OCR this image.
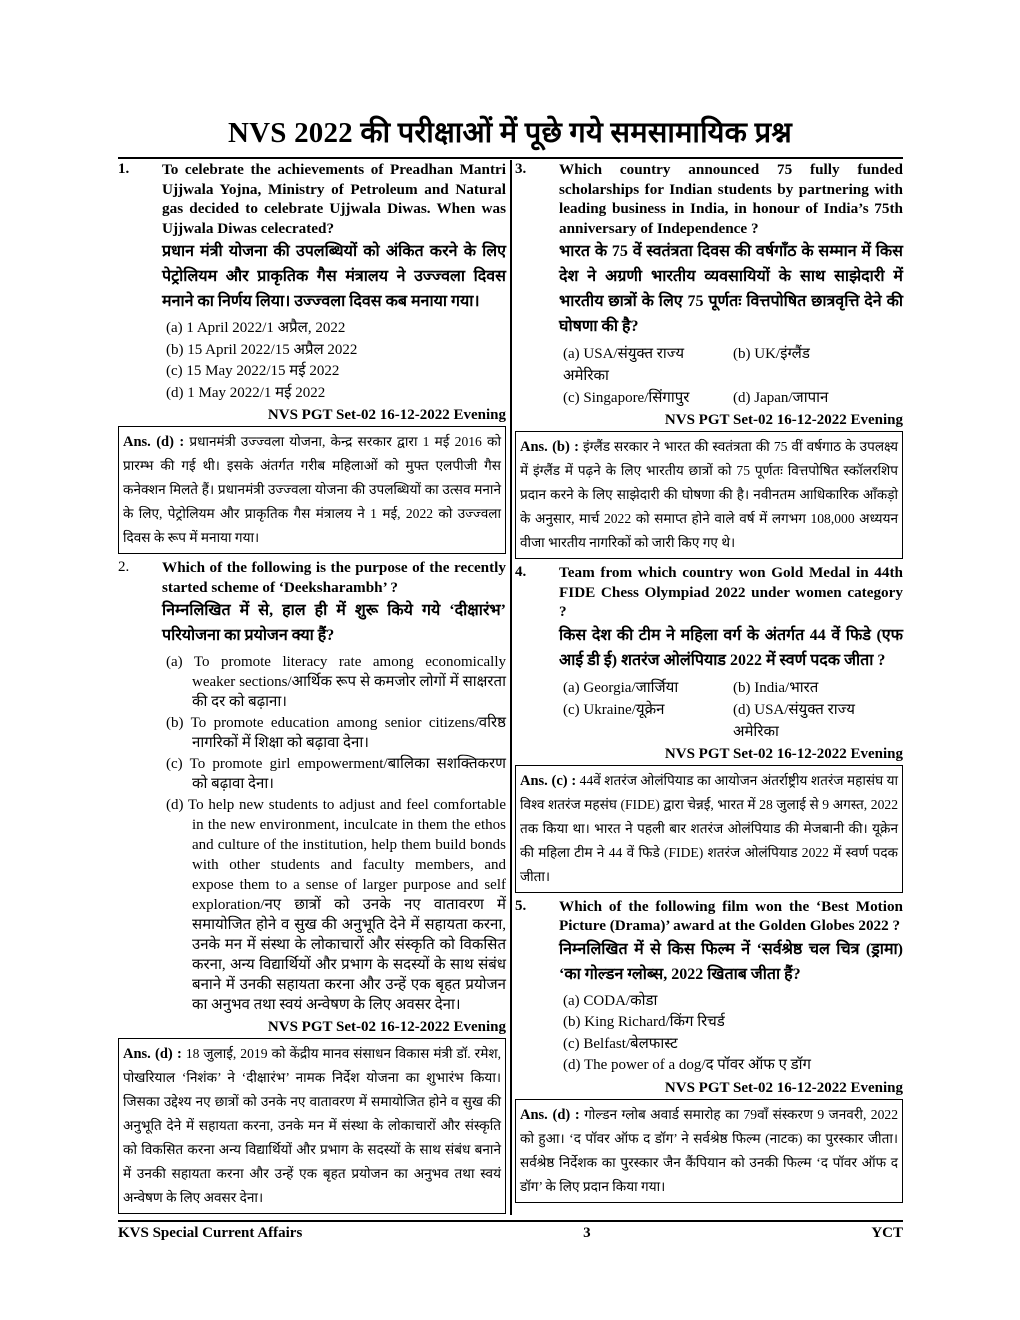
NVS 2022 की परीक्षाओं में पूछे गये समसामायिक प्रश्न
1.	To celebrate the achievements of Preadhan Mantri Ujjwala Yojna, Ministry of Petroleum and Natural gas decided to celebrate Ujjwala Diwas. When was Ujjwala Diwas celecrated?
प्रधान मंत्री योजना की उपलब्धियों को अंकित करने के लिए पेट्रोलियम और प्राकृतिक गैस मंत्रालय ने उज्ज्वला दिवस मनाने का निर्णय लिया। उज्ज्वला दिवस कब मनाया गया।
(a) 1 April 2022/1 अप्रैल, 2022
(b) 15 April 2022/15 अप्रैल 2022
(c) 15 May 2022/15 मई 2022
(d) 1 May 2022/1 मई 2022
NVS PGT Set-02 16-12-2022 Evening
Ans. (d) : प्रधानमंत्री उज्ज्वला योजना, केन्द्र सरकार द्वारा 1 मई 2016 को प्रारम्भ की गई थी। इसके अंतर्गत गरीब महिलाओं को मुफ्त एलपीजी गैस कनेक्शन मिलते हैं। प्रधानमंत्री उज्ज्वला योजना की उपलब्धियों का उत्सव मनाने के लिए, पेट्रोलियम और प्राकृतिक गैस मंत्रालय ने 1 मई, 2022 को उज्ज्वला दिवस के रूप में मनाया गया।
2.	Which of the following is the purpose of the recently started scheme of ‘Deeksharambh’ ?
निम्नलिखित में से, हाल ही में शुरू किये गये ‘दीक्षारंभ’ परियोजना का प्रयोजन क्या हैं?
(a) To promote literacy rate among economically weaker sections/आर्थिक रूप से कमजोर लोगों में साक्षरता की दर को बढ़ाना।
(b) To promote education among senior citizens/वरिष्ठ नागरिकों में शिक्षा को बढ़ावा देना।
(c) To promote girl empowerment/बालिका सशक्तिकरण को बढ़ावा देना।
(d) To help new students to adjust and feel comfortable in the new environment, inculcate in them the ethos and culture of the institution, help them build bonds with other students and faculty members, and expose them to a sense of larger purpose and self exploration/नए छात्रों को उनके नए वातावरण में समायोजित होने व सुख की अनुभूति देने में सहायता करना, उनके मन में संस्था के लोकाचारों और संस्कृति को विकसित करना, अन्य विद्यार्थियों और प्रभाग के सदस्यों के साथ संबंध बनाने में उनकी सहायता करना और उन्हें एक बृहत प्रयोजन का अनुभव तथा स्वयं अन्वेषण के लिए अवसर देना।
NVS PGT Set-02 16-12-2022 Evening
Ans. (d) : 18 जुलाई, 2019 को केंद्रीय मानव संसाधन विकास मंत्री डॉ. रमेश, पोखरियाल ‘निशंक’ ने ‘दीक्षारंभ’ नामक निर्देश योजना का शुभारंभ किया। जिसका उद्देश्य नए छात्रों को उनके नए वातावरण में समायोजित होने व सुख की अनुभूति देने में सहायता करना, उनके मन में संस्था के लोकाचारों और संस्कृति को विकसित करना अन्य विद्यार्थियों और प्रभाग के सदस्यों के साथ संबंध बनाने में उनकी सहायता करना और उन्हें एक बृहत प्रयोजन का अनुभव तथा स्वयं अन्वेषण के लिए अवसर देना।
3.	Which country announced 75 fully funded scholarships for Indian students by partnering with leading business in India, in honour of India’s 75th anniversary of Independence ?
भारत के 75 वें स्वतंत्रता दिवस की वर्षगाँठ के सम्मान में किस देश ने अग्रणी भारतीय व्यवसायियों के साथ साझेदारी में भारतीय छात्रों के लिए 75 पूर्णतः वित्तपोषित छात्रवृत्ति देने की घोषणा की है?
(a) USA/संयुक्त राज्य अमेरिका
(b) UK/इंग्लैंड
(c) Singapore/सिंगापुर	(d) Japan/जापान
NVS PGT Set-02 16-12-2022 Evening
Ans. (b) : इंग्लैंड सरकार ने भारत की स्वतंत्रता की 75 वीं वर्षगाठ के उपलक्ष्य में इंग्लैंड में पढ़ने के लिए भारतीय छात्रों को 75 पूर्णतः वित्तपोषित स्कॉलरशिप प्रदान करने के लिए साझेदारी की घोषणा की है। नवीनतम आधिकारिक आँकड़ो के अनुसार, मार्च 2022 को समाप्त होने वाले वर्ष में लगभग 108,000 अध्ययन वीजा भारतीय नागरिकों को जारी किए गए थे।
4.	Team from which country won Gold Medal in 44th FIDE Chess Olympiad 2022 under women category ?
किस देश की टीम ने महिला वर्ग के अंतर्गत 44 वें फिडे (एफ आई डी ई) शतरंज ओलंपियाड 2022 में स्वर्ण पदक जीता ?
(a) Georgia/जार्जिया	(b) India/भारत
(c) Ukraine/यूक्रेन	(d) USA/संयुक्त राज्य अमेरिका
NVS PGT Set-02 16-12-2022 Evening
Ans. (c) : 44वें शतरंज ओलंपियाड का आयोजन अंतर्राष्ट्रीय शतरंज महासंघ या विश्व शतरंज महसंघ (FIDE) द्वारा चेन्नई, भारत में 28 जुलाई से 9 अगस्त, 2022 तक किया था। भारत ने पहली बार शतरंज ओलंपियाड की मेजबानी की। यूक्रेन की महिला टीम ने 44 वें फिडे (FIDE) शतरंज ओलंपियाड 2022 में स्वर्ण पदक जीता।
5.	Which of the following film won the ‘Best Motion Picture (Drama)’ award at the Golden Globes 2022 ?
निम्नलिखित में से किस फिल्म नें ‘सर्वश्रेष्ठ चल चित्र (ड्रामा) ‘का गोल्डन ग्लोब्स, 2022 खिताब जीता हैं?
(a) CODA/कोडा
(b) King Richard/किंग रिचर्ड
(c) Belfast/बेलफास्ट
(d) The power of a dog/द पॉवर ऑफ ए डॉग
NVS PGT Set-02 16-12-2022 Evening
Ans. (d) : गोल्डन ग्लोब अवार्ड समारोह का 79वाँ संस्करण 9 जनवरी, 2022 को हुआ। ‘द पॉवर ऑफ द डॉग’ ने सर्वश्रेष्ठ फिल्म (नाटक) का पुरस्कार जीता। सर्वश्रेष्ठ निर्देशक का पुरस्कार जैन कैंपियान को उनकी फिल्म ‘द पॉवर ऑफ द डॉग’ के लिए प्रदान किया गया।
KVS Special Current Affairs	3	YCT
